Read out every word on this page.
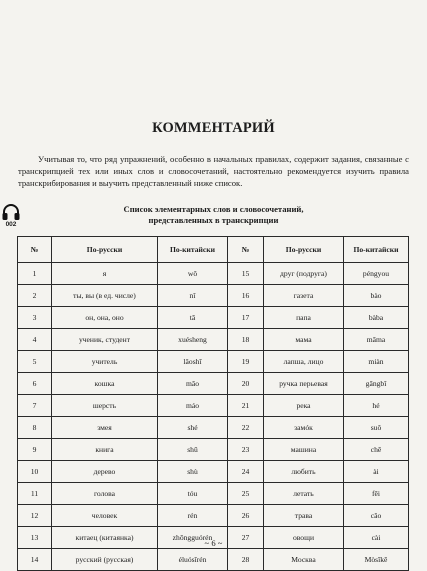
КОММЕНТАРИЙ

Учитывая то, что ряд упражнений, особенно в начальных правилах, содержит задания, связанные с транскрипцией тех или иных слов и словосочетаний, настоятельно рекомендуется изучить правила транскрибирования и выучить представленный ниже список.

002
Список элементарных слов и словосочетаний,
представленных в транскрипции
№	По-русски	По-китайски	№	По-русски	По-китайски
1	я	wǒ	15	друг (подруга)	péngyou
2	ты, вы (в ед. числе)	nǐ	16	газета	bào
3	он, она, оно	tā	17	папа	bàba
4	ученик, студент	xuésheng	18	мама	māma
5	учитель	lǎoshī	19	лапша, лицо	miàn
6	кошка	māo	20	ручка перьевая	gāngbǐ
7	шерсть	máo	21	река	hé
8	змея	shé	22	замóк	suǒ
9	книга	shū	23	машина	chē
10	дерево	shù	24	любить	ài
11	голова	tóu	25	летать	fēi
12	человек	rén	26	трава	cǎo
13	китаец (китаянка)	zhōngguórén	27	овощи	cài
14	русский (русская)	éluósīrén	28	Москва	Mòsīkē
~ 6 ~
